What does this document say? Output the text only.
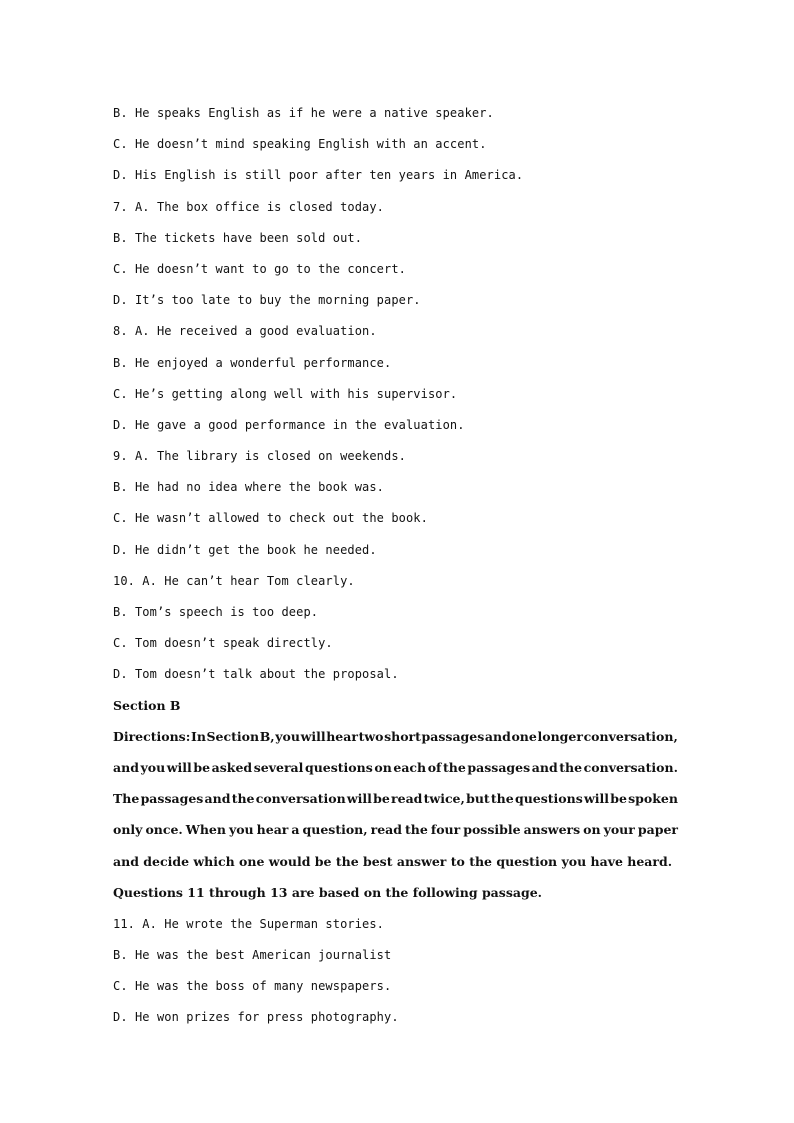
B. He speaks English as if he were a native speaker.
C. He doesn’t mind speaking English with an accent.
D. His English is still poor after ten years in America.
7. A. The box office is closed today.
B. The tickets have been sold out.
C. He doesn’t want to go to the concert.
D. It’s too late to buy the morning paper.
8. A. He received a good evaluation.
B. He enjoyed a wonderful performance.
C. He’s getting along well with his supervisor.
D. He gave a good performance in the evaluation.
9. A. The library is closed on weekends.
B. He had no idea where the book was.
C. He wasn’t allowed to check out the book.
D. He didn’t get the book he needed.
10. A. He can’t hear Tom clearly.
B. Tom’s speech is too deep.
C. Tom doesn’t speak directly.
D. Tom doesn’t talk about the proposal.
Section B
Directions: In Section B, you will hear two short passages and one longer conversation,
and you will be asked several questions on each of the passages and the conversation.
The passages and the conversation will be read twice, but the questions will be spoken
only once. When you hear a question, read the four possible answers on your paper
and decide which one would be the best answer to the question you have heard.
Questions 11 through 13 are based on the following passage.
11. A. He wrote the Superman stories.
B. He was the best American journalist
C. He was the boss of many newspapers.
D. He won prizes for press photography.
